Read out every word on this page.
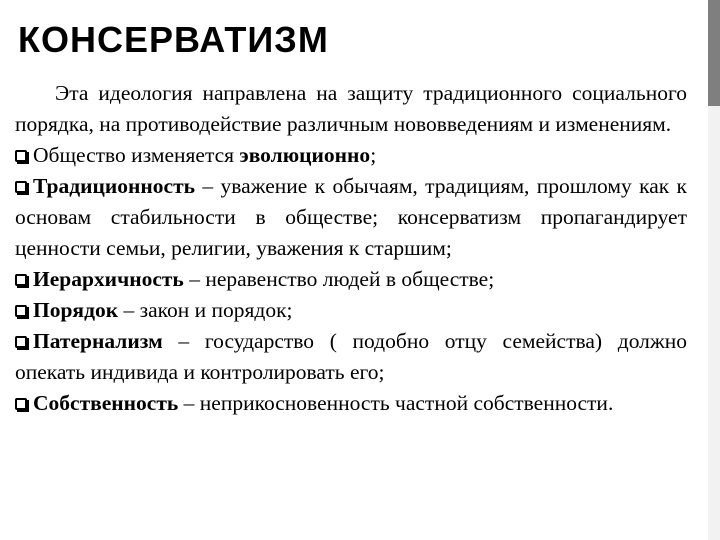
КОНСЕРВАТИЗМ

Эта идеология направлена на защиту традиционного социального порядка, на противодействие различным нововведениям и изменениям.

Общество изменяется эволюционно;

Традиционность – уважение к обычаям, традициям, прошлому как к основам стабильности в обществе; консерватизм пропагандирует ценности семьи, религии, уважения к старшим;

Иерархичность – неравенство людей в обществе;

Порядок – закон и порядок;

Патернализм – государство ( подобно отцу семейства) должно опекать индивида и контролировать его;

Собственность – неприкосновенность частной собственности.
